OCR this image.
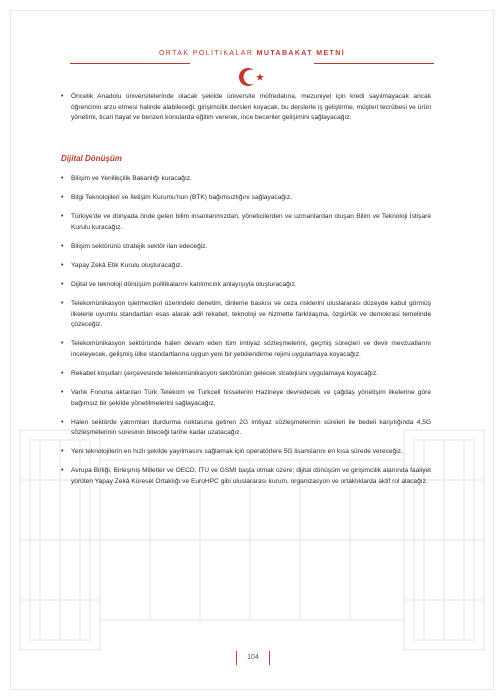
ORTAK POLİTİKALAR MUTABAKAT METNİ
• Öncelik Anadolu üniversitelerinde olacak şekilde üniversite müfredatına, mezuniyet için kredi sayılmayacak ancak öğrencinin arzu etmesi halinde alabileceği, girişimcilik dersleri koyacak, bu derslerle iş geliştirme, müşteri tecrübesi ve ürün yönetimi, ticari hayat ve benzeri konularda eğitim vererek, ince beceriler gelişimini sağlayacağız.
Dijital Dönüşüm
• Bilişim ve Yenilikçilik Bakanlığı kuracağız.
• Bilgi Teknolojileri ve İletişim Kurumu'nun (BTK) bağımsızlığını sağlayacağız.
• Türkiye'de ve dünyada önde gelen bilim insanlarımızdan, yöneticilerden ve uzmanlardan oluşan Bilim ve Teknoloji İstişare Kurulu kuracağız.
• Bilişim sektörünü stratejik sektör ilan edeceğiz.
• Yapay Zekâ Etik Kurulu oluşturacağız.
• Dijital ve teknoloji dönüşüm politikalarını katılımcılık anlayışıyla oluşturacağız.
• Telekomünikasyon işletmecileri üzerindeki denetim, dinleme baskısı ve ceza risklerini uluslararası düzeyde kabul görmüş ilkelerle uyumlu standartları esas alarak adil rekabet, teknoloji ve hizmette farklılaşma, özgürlük ve demokrasi temelinde çözeceğiz.
• Telekomünikasyon sektöründe halen devam eden tüm imtiyaz sözleşmelerini, geçmiş süreçleri ve devir mevzuatlarını inceleyecek, gelişmiş ülke standartlarına uygun yeni bir yetkilendirme rejimi uygulamaya koyacağız.
• Rekabet koşulları çerçevesinde telekomünikasyon sektörünün gelecek stratejisini uygulamaya koyacağız.
• Varlık Fonuna aktarılan Türk Telekom ve Turkcell hisselerini Hazineye devredecek ve çağdaş yönetişim ilkelerine göre bağımsız bir şekilde yönetilmelerini sağlayacağız.
• Halen sektörde yatırımları durdurma noktasına getiren 2G imtiyaz sözleşmelerinin süreleri ile bedeli karşılığında 4,5G sözleşmelerinin süresinin biteceği tarihe kadar uzatacağız.
• Yeni teknolojilerin en hızlı şekilde yayılmasını sağlamak için operatörlere 5G lisanslarını en kısa sürede vereceğiz.
• Avrupa Birliği, Birleşmiş Milletler ve OECD, ITU ve GSMI başta olmak üzere; dijital dönüşüm ve girişimcilik alanında faaliyet yürüten Yapay Zekâ Küresel Ortaklığı ve EuroHPC gibi uluslararası kurum, organizasyon ve ortaklıklarda aktif rol alacağız.
104
